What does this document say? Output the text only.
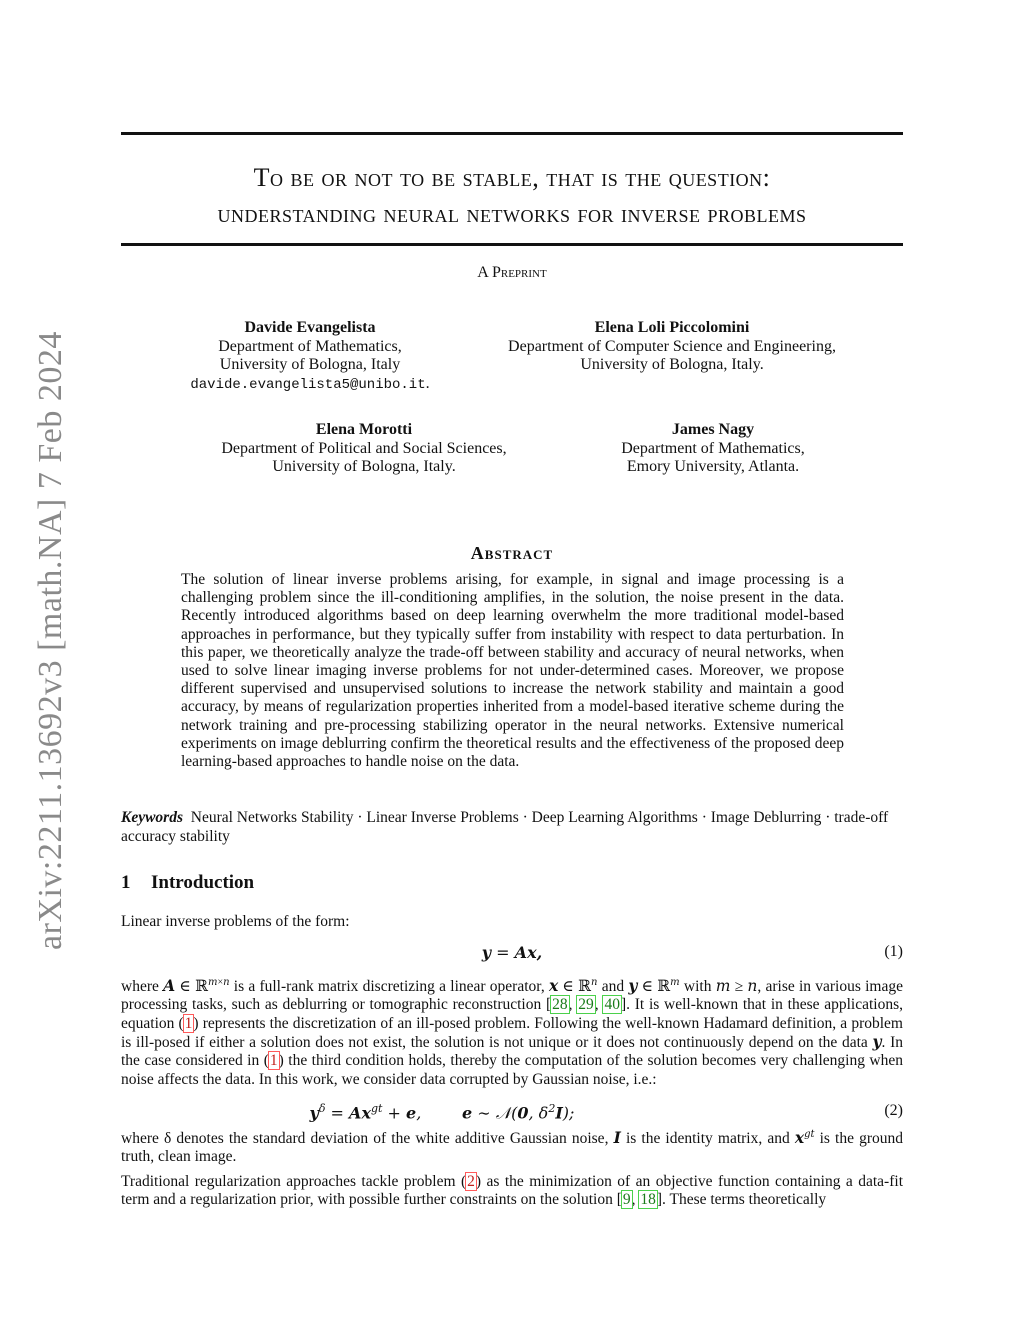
arXiv:2211.13692v3 [math.NA] 7 Feb 2024
To be or not to be stable, that is the question:
understanding neural networks for inverse problems
A Preprint
Davide Evangelista
Department of Mathematics,
University of Bologna, Italy
davide.evangelista5@unibo.it.
Elena Loli Piccolomini
Department of Computer Science and Engineering,
University of Bologna, Italy.
Elena Morotti
Department of Political and Social Sciences,
University of Bologna, Italy.
James Nagy
Department of Mathematics,
Emory University, Atlanta.
Abstract
The solution of linear inverse problems arising, for example, in signal and image processing is a challenging problem since the ill-conditioning amplifies, in the solution, the noise present in the data. Recently introduced algorithms based on deep learning overwhelm the more traditional model-based approaches in performance, but they typically suffer from instability with respect to data perturbation. In this paper, we theoretically analyze the trade-off between stability and accuracy of neural networks, when used to solve linear imaging inverse problems for not under-determined cases. Moreover, we propose different supervised and unsupervised solutions to increase the network stability and maintain a good accuracy, by means of regularization properties inherited from a model-based iterative scheme during the network training and pre-processing stabilizing operator in the neural networks. Extensive numerical experiments on image deblurring confirm the theoretical results and the effectiveness of the proposed deep learning-based approaches to handle noise on the data.
Keywords Neural Networks Stability · Linear Inverse Problems · Deep Learning Algorithms · Image Deblurring · trade-off accuracy stability
1 Introduction
Linear inverse problems of the form:
y = Ax,	(1)
where A ∈ ℝ$^{m\times n}$ is a full-rank matrix discretizing a linear operator, x ∈ ℝ$^n$ and y ∈ ℝ$^m$ with m ≥ n, arise in various image processing tasks, such as deblurring or tomographic reconstruction [28, 29, 40]. It is well-known that in these applications, equation (1) represents the discretization of an ill-posed problem. Following the well-known Hadamard definition, a problem is ill-posed if either a solution does not exist, the solution is not unique or it does not continuously depend on the data y. In the case considered in (1) the third condition holds, thereby the computation of the solution becomes very challenging when noise affects the data. In this work, we consider data corrupted by Gaussian noise, i.e.:
$y^\delta = Ax^{gt} + e$,        e ∼ 𝒩(0, $\delta^2I$);	(2)
where δ denotes the standard deviation of the white additive Gaussian noise, I is the identity matrix, and $x^{gt}$ is the ground truth, clean image.
Traditional regularization approaches tackle problem (2) as the minimization of an objective function containing a data-fit term and a regularization prior, with possible further constraints on the solution [9, 18]. These terms theoretically
